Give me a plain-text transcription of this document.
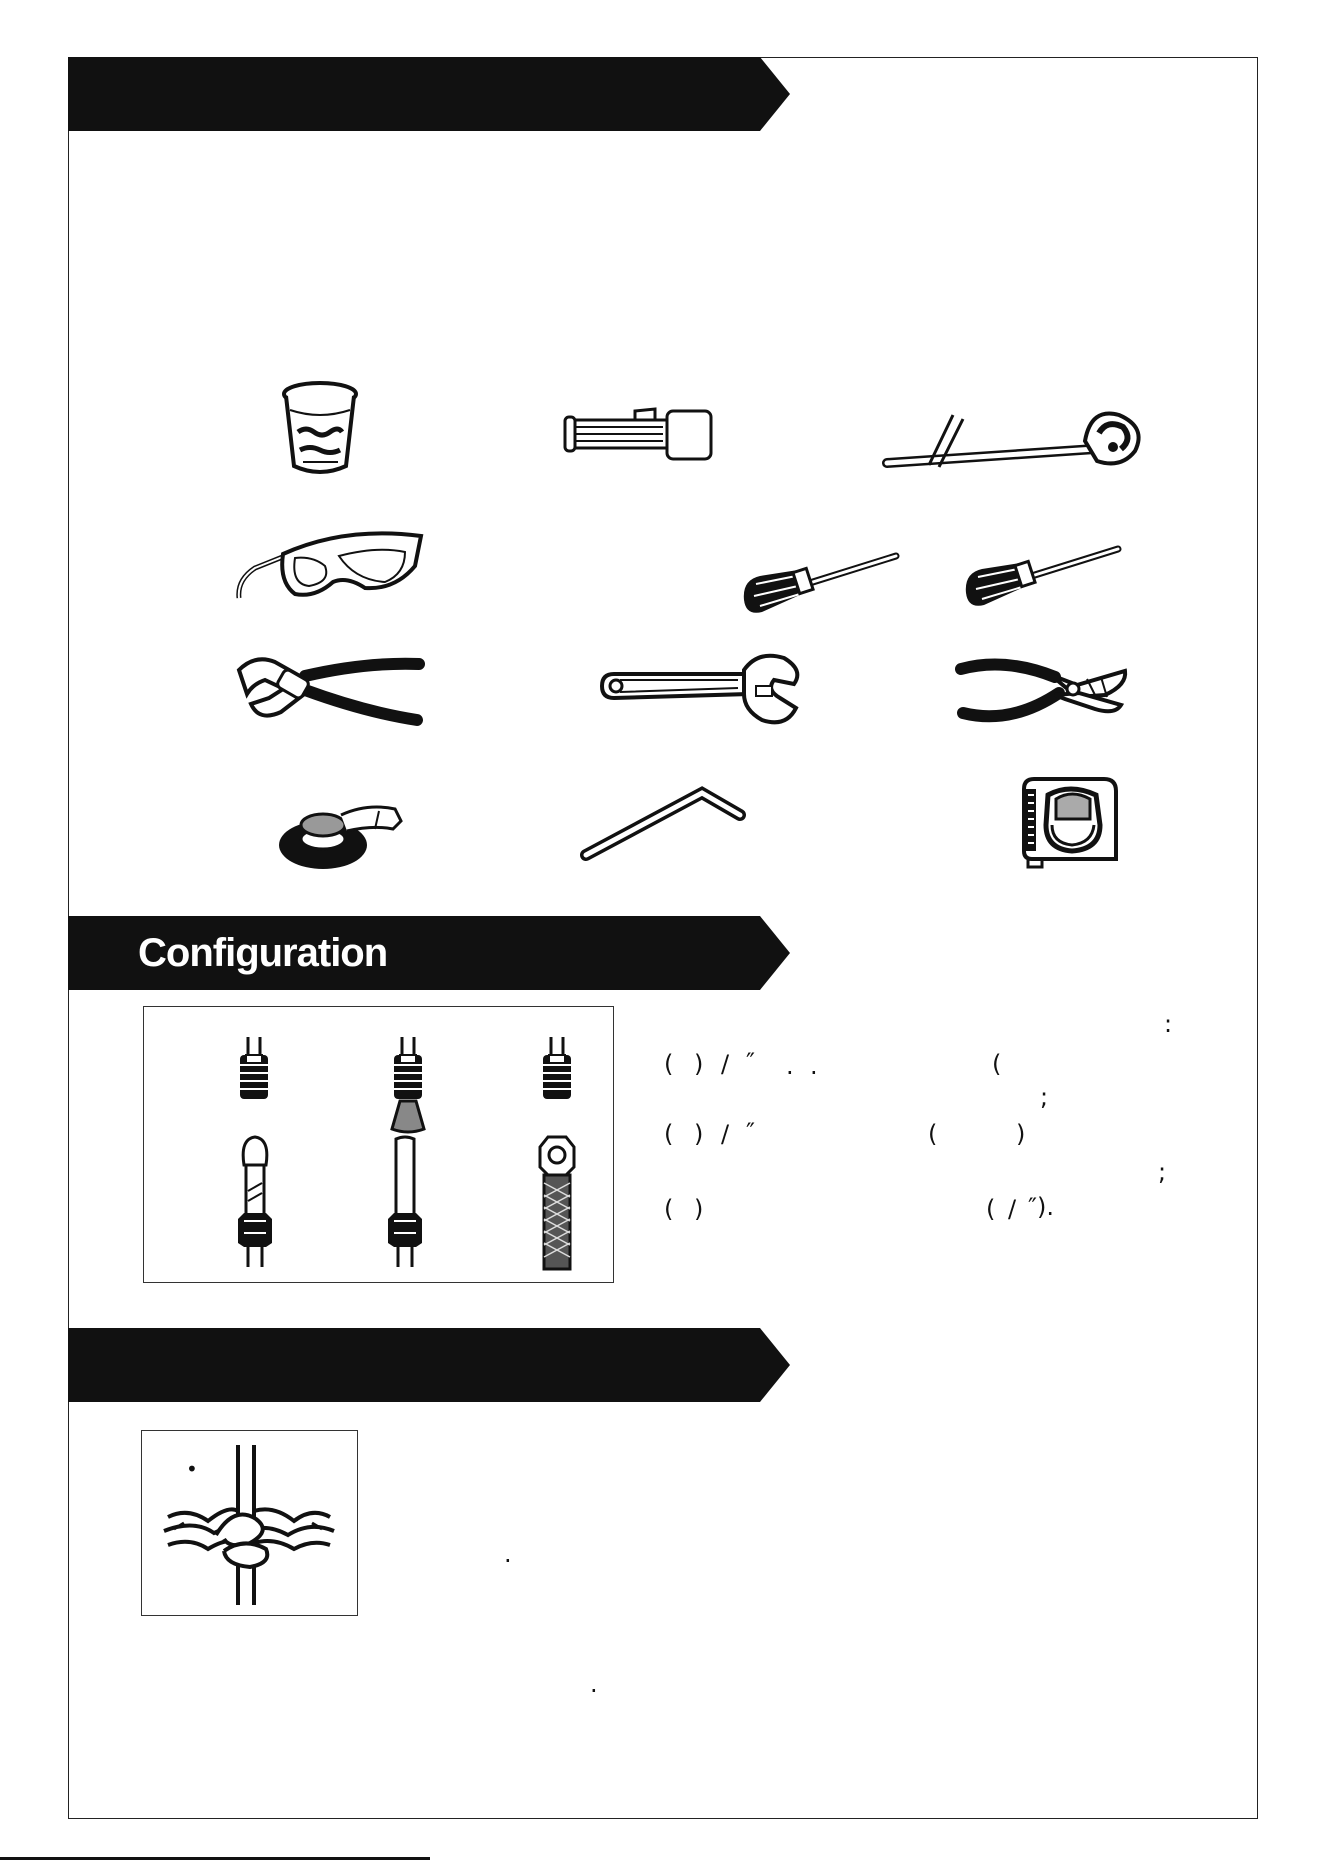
Configuration
:
( ) / ″ . .	(
;
( ) / ″	(	)
;
( )	( / ″).
•
.
.
